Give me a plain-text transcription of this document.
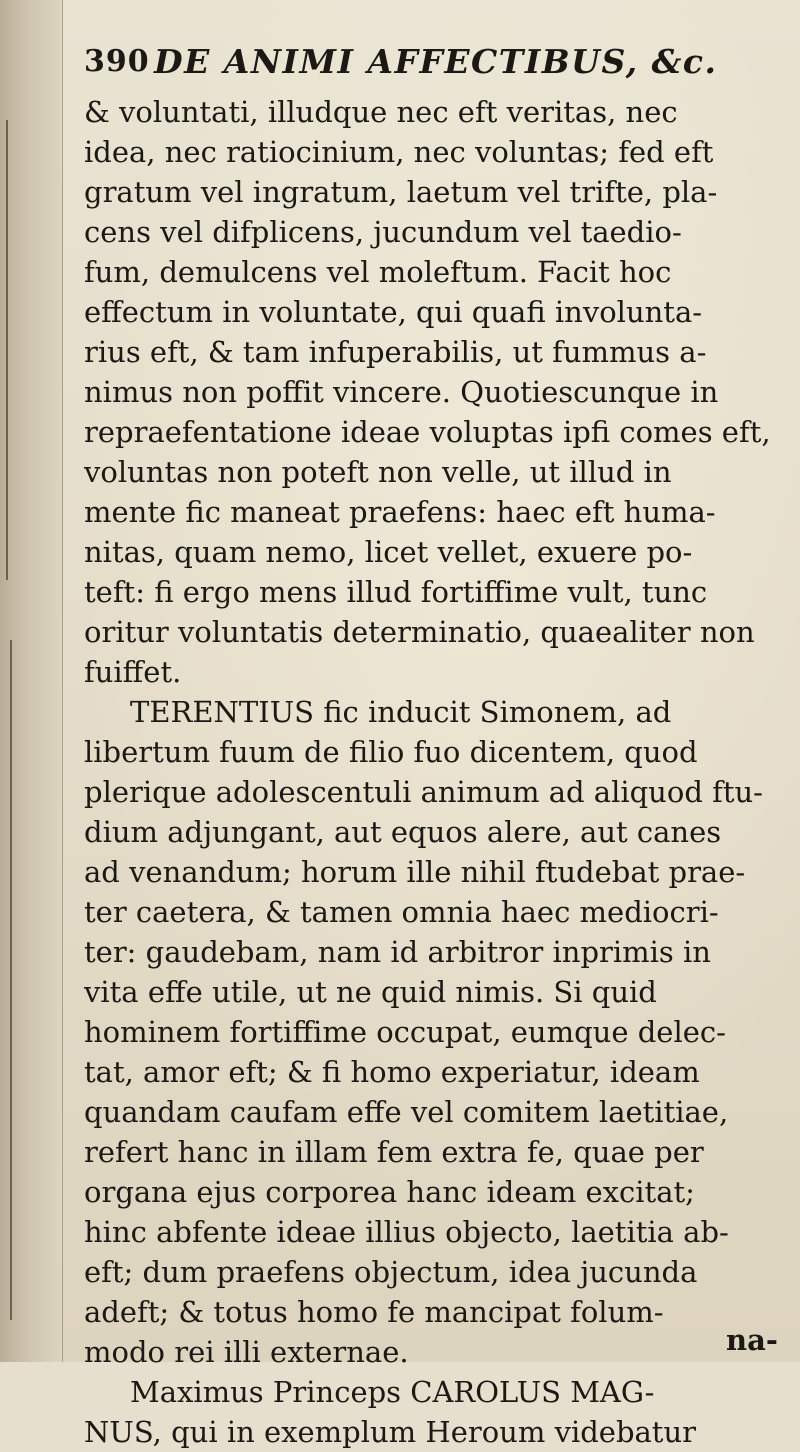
390 DE ANIMI AFFECTIBUS, &c.
& voluntati, illudque nec eft veritas, nec
idea, nec ratiocinium, nec voluntas; fed eft
gratum vel ingratum, laetum vel trifte, pla-
cens vel difplicens, jucundum vel taedio-
fum, demulcens vel moleftum. Facit hoc
effectum in voluntate, qui quafi involunta-
rius eft, & tam infuperabilis, ut fummus a-
nimus non poffit vincere. Quotiescunque in
repraefentatione ideae voluptas ipfi comes eft,
voluntas non poteft non velle, ut illud in
mente fic maneat praefens: haec eft huma-
nitas, quam nemo, licet vellet, exuere po-
teft: fi ergo mens illud fortiffime vult, tunc
oritur voluntatis determinatio, quaealiter non
fuiffet.
TERENTIUS fic inducit Simonem, ad
libertum fuum de filio fuo dicentem, quod
plerique adolescentuli animum ad aliquod ftu-
dium adjungant, aut equos alere, aut canes
ad venandum; horum ille nihil ftudebat prae-
ter caetera, & tamen omnia haec mediocri-
ter: gaudebam, nam id arbitror inprimis in
vita effe utile, ut ne quid nimis. Si quid
hominem fortiffime occupat, eumque delec-
tat, amor eft; & fi homo experiatur, ideam
quandam caufam effe vel comitem laetitiae,
refert hanc in illam fem extra fe, quae per
organa ejus corporea hanc ideam excitat;
hinc abfente ideae illius objecto, laetitia ab-
eft; dum praefens objectum, idea jucunda
adeft; & totus homo fe mancipat folum-
modo rei illi externae.
Maximus Princeps CAROLUS MAG-
NUS, qui in exemplum Heroum videbatur
na-
